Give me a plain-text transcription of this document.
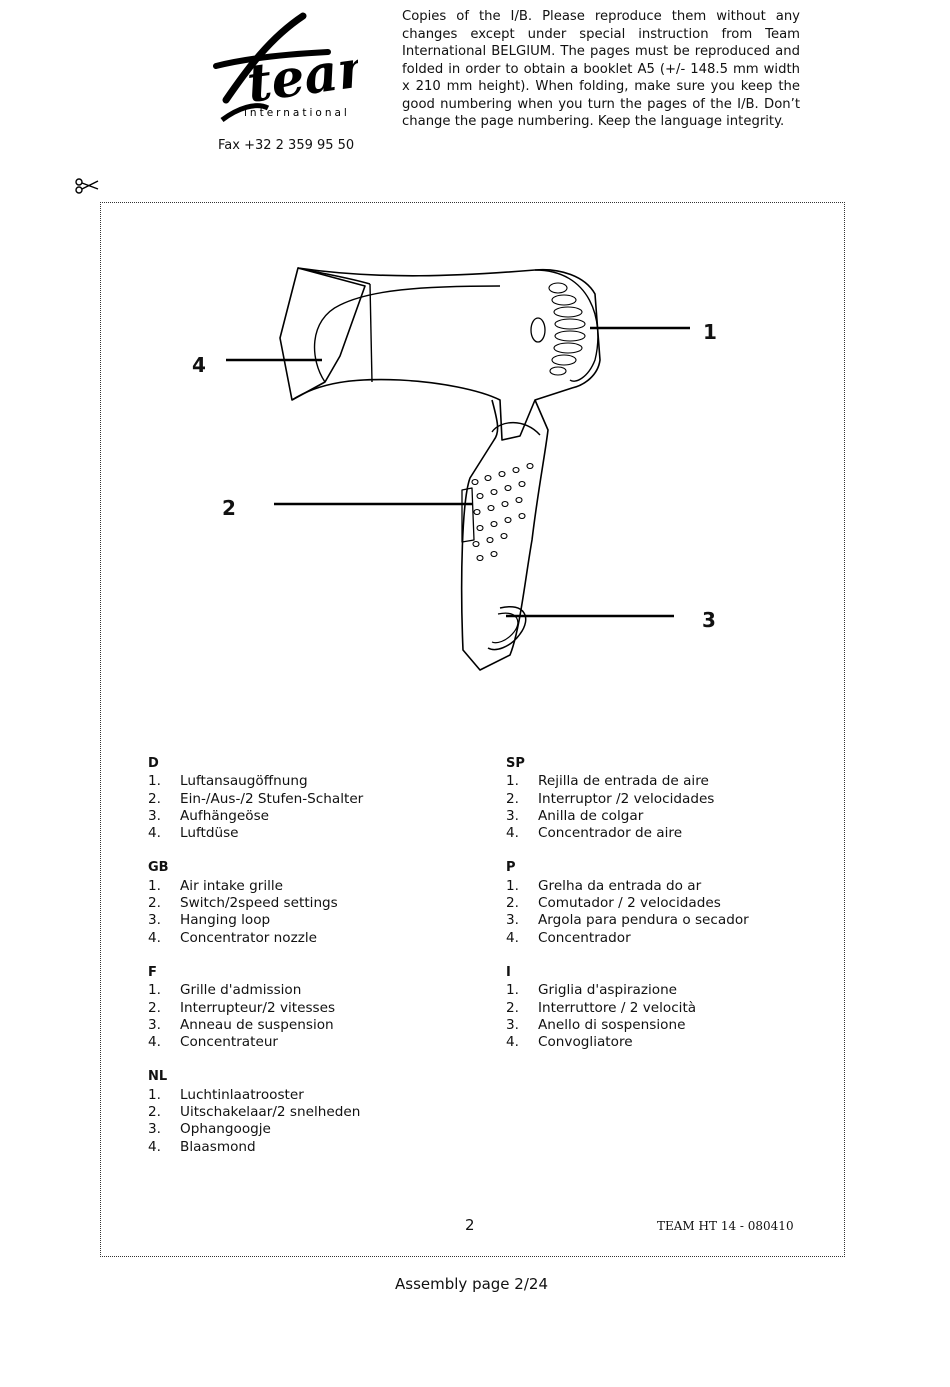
team
international
Fax +32 2 359 95 50
Copies of the I/B. Please reproduce them without any changes except under special instruction from Team International BELGIUM. The pages must be reproduced and folded in order to obtain a booklet A5 (+/- 148.5 mm width x 210 mm height). When folding, make sure you keep the good numbering when you turn the pages of the I/B. Don’t change the page numbering. Keep the language integrity.
1
2
3
4
D
1.	Luftansaugöffnung
2.	Ein-/Aus-/2 Stufen-Schalter
3.	Aufhängeöse
4.	Luftdüse
GB
1.	Air intake grille
2.	Switch/2speed settings
3.	Hanging loop
4.	Concentrator nozzle
F
1.	Grille d'admission
2.	Interrupteur/2 vitesses
3.	Anneau de suspension
4.	Concentrateur
NL
1.	Luchtinlaatrooster
2.	Uitschakelaar/2 snelheden
3.	Ophangoogje
4.	Blaasmond
SP
1.	Rejilla de entrada de aire
2.	Interruptor /2 velocidades
3.	Anilla de colgar
4.	Concentrador de aire
P
1.	Grelha da entrada do ar
2.	Comutador / 2 velocidades
3.	Argola para pendura o secador
4.	Concentrador
I
1.	Griglia d'aspirazione
2.	Interruttore / 2 velocità
3.	Anello di sospensione
4.	Convogliatore
2	TEAM HT 14 - 080410
Assembly page 2/24
